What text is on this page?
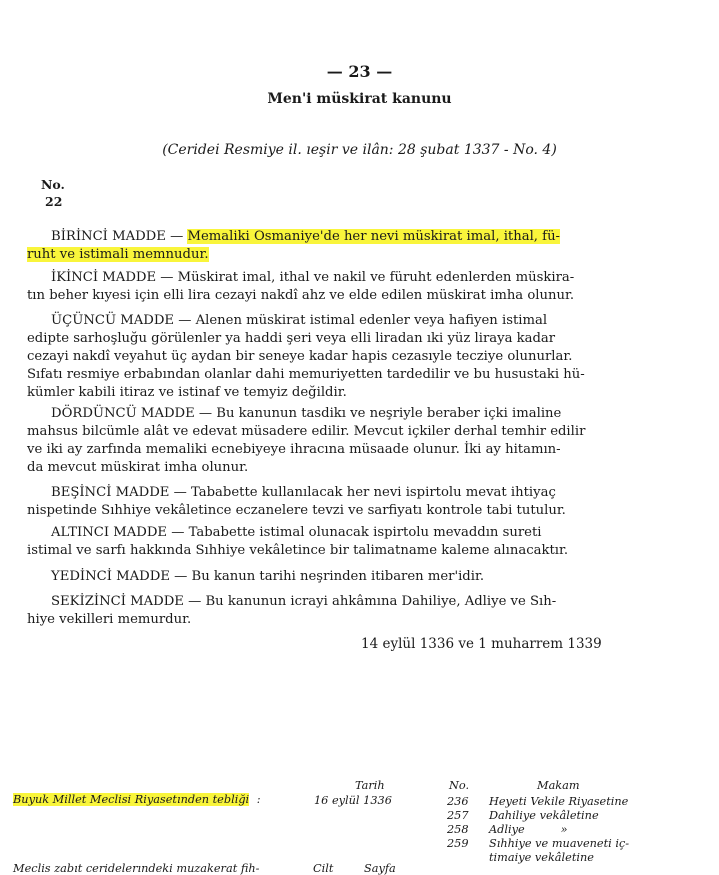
— 23 —
Men'i müskirat kanunu
(Ceridei Resmiye il. ıeşir ve ilân: 28 şubat 1337 - No. 4)
No.
22

BİRİNCİ MADDE — Memaliki Osmaniye'de her nevi müskirat imal, ithal, fü-

ruht ve istimali memnudur.

İKİNCİ MADDE — Müskirat imal, ithal ve nakil ve füruht edenlerden müskira-

tın beher kıyesi için elli lira cezayi nakdî ahz ve elde edilen müskirat imha olunur.

ÜÇÜNCÜ MADDE — Alenen müskirat istimal edenler veya hafiyen istimal

edipte sarhoşluğu görülenler ya haddi şeri veya elli liradan ıki yüz liraya kadar

cezayi nakdî veyahut üç aydan bir seneye kadar hapis cezasıyle tecziye olunurlar.

Sıfatı resmiye erbabından olanlar dahi memuriyetten tardedilir ve bu husustaki hü-

kümler kabili itiraz ve istinaf ve temyiz değildir.

DÖRDÜNCÜ MADDE — Bu kanunun tasdikı ve neşriyle beraber içki imaline

mahsus bilcümle alât ve edevat müsadere edilir. Mevcut içkiler derhal temhir edilir

ve iki ay zarfında memaliki ecnebiyeye ihracına müsaade olunur. İki ay hitamın-

da mevcut müskirat imha olunur.

BEŞİNCİ MADDE — Tababette kullanılacak her nevi ispirtolu mevat ihtiyaç

nispetinde Sıhhiye vekâletince eczanelere tevzi ve sarfiyatı kontrole tabi tutulur.

ALTINCI MADDE — Tababette istimal olunacak ispirtolu mevaddın sureti

istimal ve sarfı hakkında Sıhhiye vekâletince bir talimatname kaleme alınacaktır.

YEDİNCİ MADDE — Bu kanun tarihi neşrinden itibaren mer'idir.

SEKİZİNCİ MADDE — Bu kanunun icrayi ahkâmına Dahiliye, Adliye ve Sıh-

hiye vekilleri memurdur.

14 eylül 1336 ve 1 muharrem 1339
Tarih	No.	Makam
Buyuk Millet Meclisi Riyasetınden tebliği :	16 eylül 1336	236 Heyeti Vekile Riyasetine
257 Dahiliye vekâletine
258 Adliye          »
259 Sıhhiye ve muaveneti iç-
timaiye vekâletine
Meclis zabıt ceridelerındeki muzakerat fih-	Cilt	Sayfa
